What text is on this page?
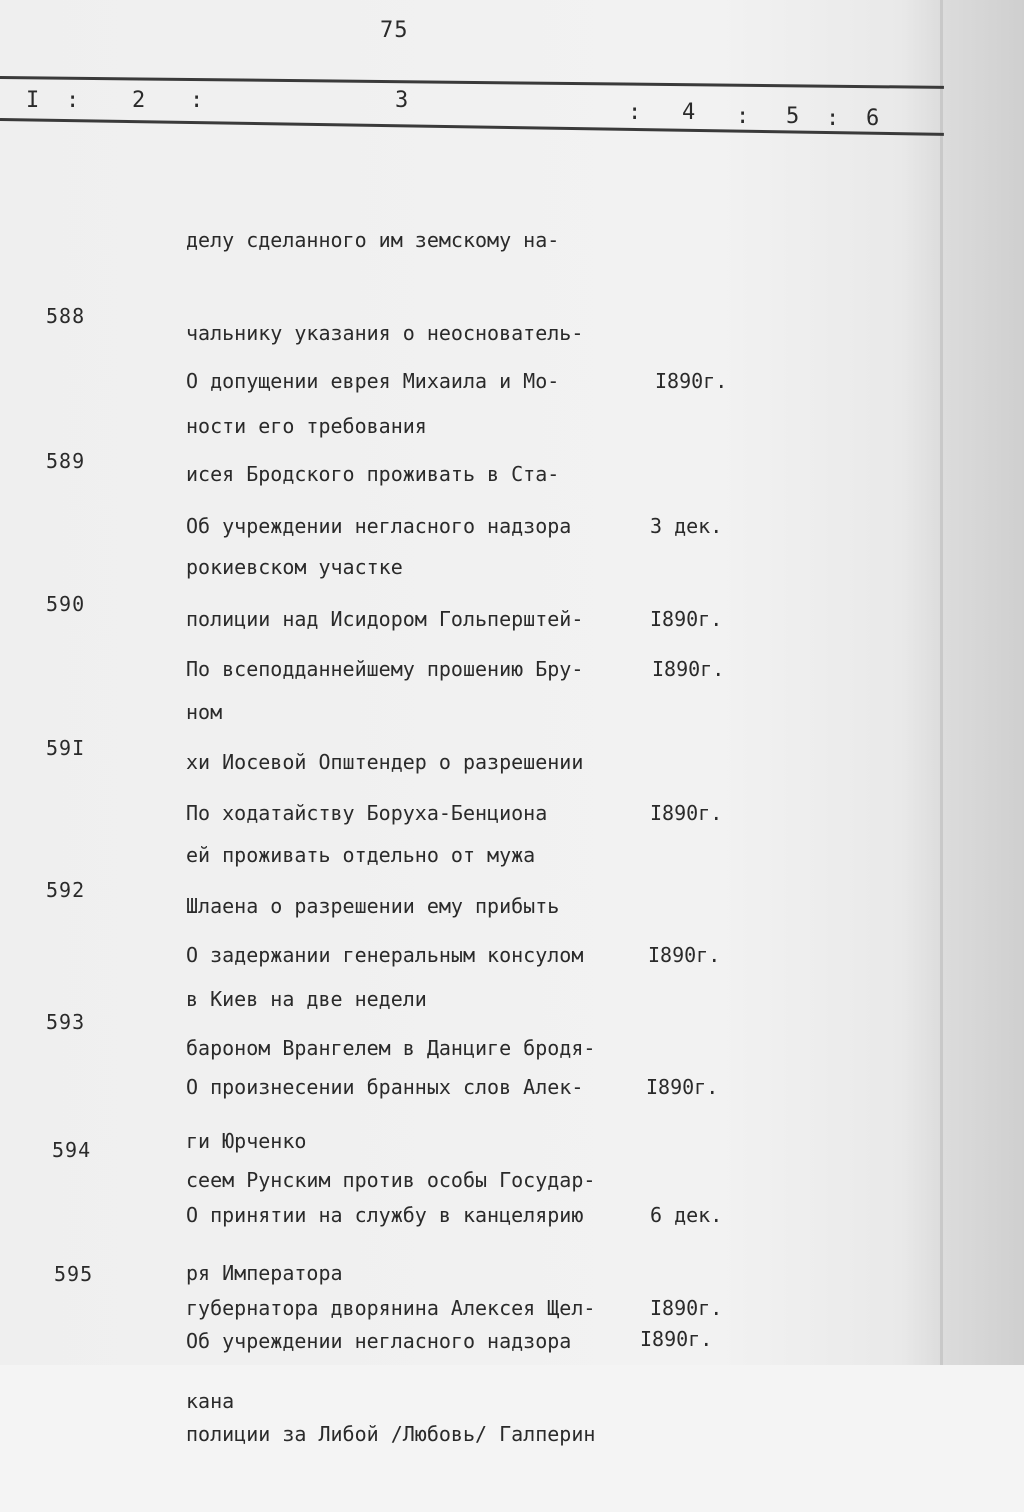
75
I : 2 :	3	: 4 : 5 : 6

делу сделанного им земскому на-

чальнику указания о неоснователь-

ности его требования

588

О допущении еврея Михаила и Мо-

исея Бродского проживать в Ста-

рокиевском участке

I890г.

589

Об учреждении негласного надзора

полиции над Исидором Гольперштей-

ном

3 дек.

I890г.

590

По всеподданнейшему прошению Бру-

хи Иосевой Општендер о разрешении

ей проживать отдельно от мужа

I890г.

59I

По ходатайству Боруха-Бенциона

Шлаена о разрешении ему прибыть

в Киев на две недели

I890г.

592

О задержании генеральным консулом

бароном Врангелем в Данциге бродя-

ги Юрченко

I890г.

593

О произнесении бранных слов Алек-

сеем Рунским против особы Государ-

ря Императора

I890г.

594

О принятии на службу в канцелярию

губернатора дворянина Алексея Щел-

кана

6 дек.

I890г.

595

Об учреждении негласного надзора

полиции за Либой /Любовь/ Галперин

I890г.
